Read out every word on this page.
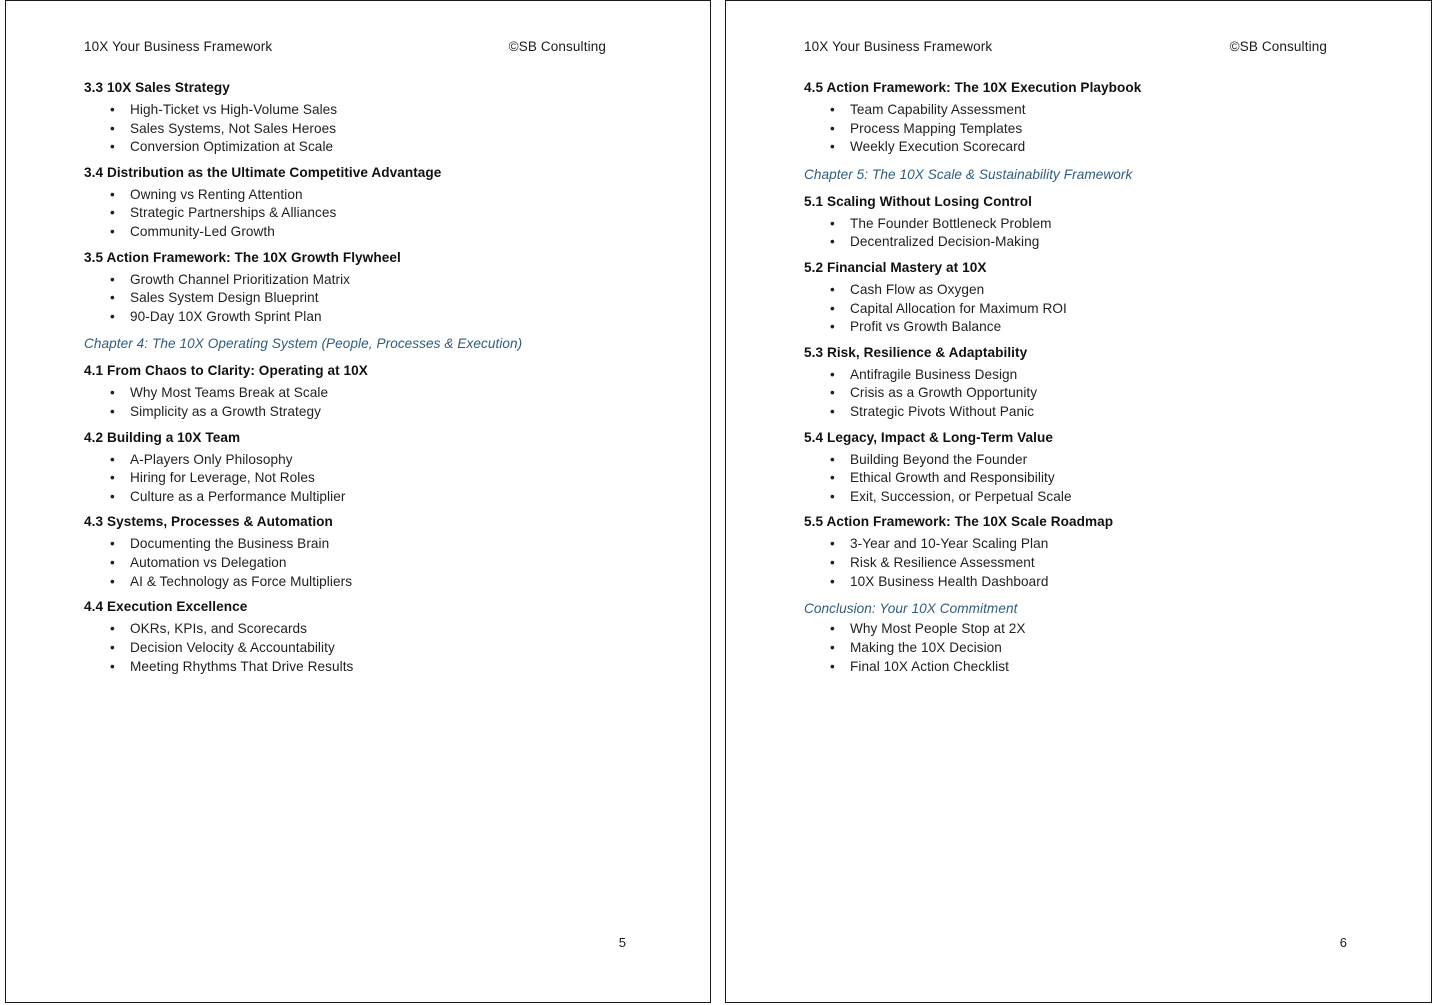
10X Your Business Framework	©SB Consulting
3.3 10X Sales Strategy
• High-Ticket vs High-Volume Sales
• Sales Systems, Not Sales Heroes
• Conversion Optimization at Scale
3.4 Distribution as the Ultimate Competitive Advantage
• Owning vs Renting Attention
• Strategic Partnerships & Alliances
• Community-Led Growth
3.5 Action Framework: The 10X Growth Flywheel
• Growth Channel Prioritization Matrix
• Sales System Design Blueprint
• 90-Day 10X Growth Sprint Plan
Chapter 4: The 10X Operating System (People, Processes & Execution)
4.1 From Chaos to Clarity: Operating at 10X
• Why Most Teams Break at Scale
• Simplicity as a Growth Strategy
4.2 Building a 10X Team
• A-Players Only Philosophy
• Hiring for Leverage, Not Roles
• Culture as a Performance Multiplier
4.3 Systems, Processes & Automation
• Documenting the Business Brain
• Automation vs Delegation
• AI & Technology as Force Multipliers
4.4 Execution Excellence
• OKRs, KPIs, and Scorecards
• Decision Velocity & Accountability
• Meeting Rhythms That Drive Results
5
10X Your Business Framework	©SB Consulting
4.5 Action Framework: The 10X Execution Playbook
• Team Capability Assessment
• Process Mapping Templates
• Weekly Execution Scorecard
Chapter 5: The 10X Scale & Sustainability Framework
5.1 Scaling Without Losing Control
• The Founder Bottleneck Problem
• Decentralized Decision-Making
5.2 Financial Mastery at 10X
• Cash Flow as Oxygen
• Capital Allocation for Maximum ROI
• Profit vs Growth Balance
5.3 Risk, Resilience & Adaptability
• Antifragile Business Design
• Crisis as a Growth Opportunity
• Strategic Pivots Without Panic
5.4 Legacy, Impact & Long-Term Value
• Building Beyond the Founder
• Ethical Growth and Responsibility
• Exit, Succession, or Perpetual Scale
5.5 Action Framework: The 10X Scale Roadmap
• 3-Year and 10-Year Scaling Plan
• Risk & Resilience Assessment
• 10X Business Health Dashboard
Conclusion: Your 10X Commitment
• Why Most People Stop at 2X
• Making the 10X Decision
• Final 10X Action Checklist
6
